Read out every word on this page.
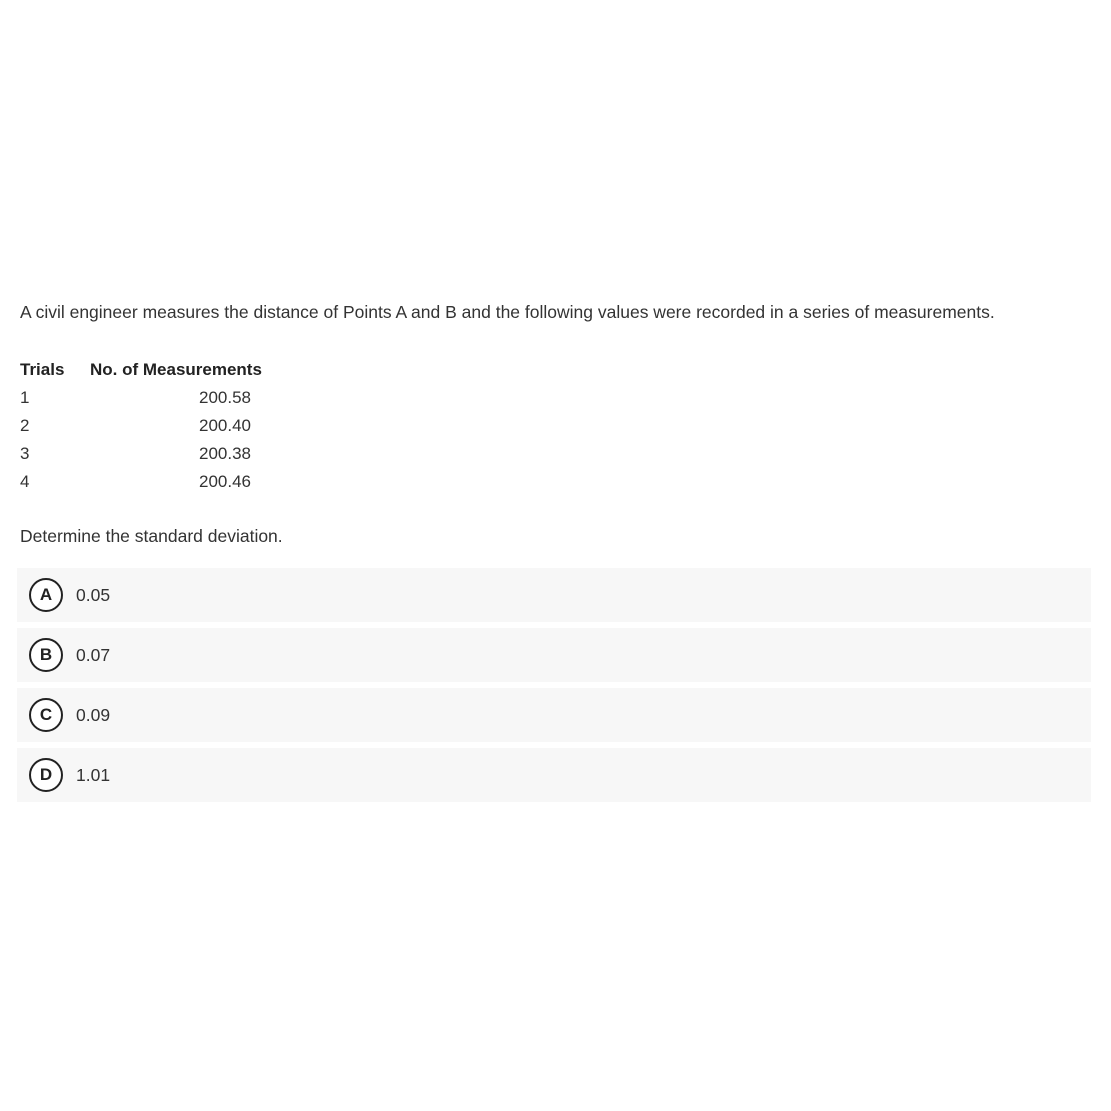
A civil engineer measures the distance of Points A and B and the following values were recorded in a series of measurements.

Trials	No. of Measurements
1	200.58
2	200.40
3	200.38
4	200.46

Determine the standard deviation.

A	0.05
B	0.07
C	0.09
D	1.01
